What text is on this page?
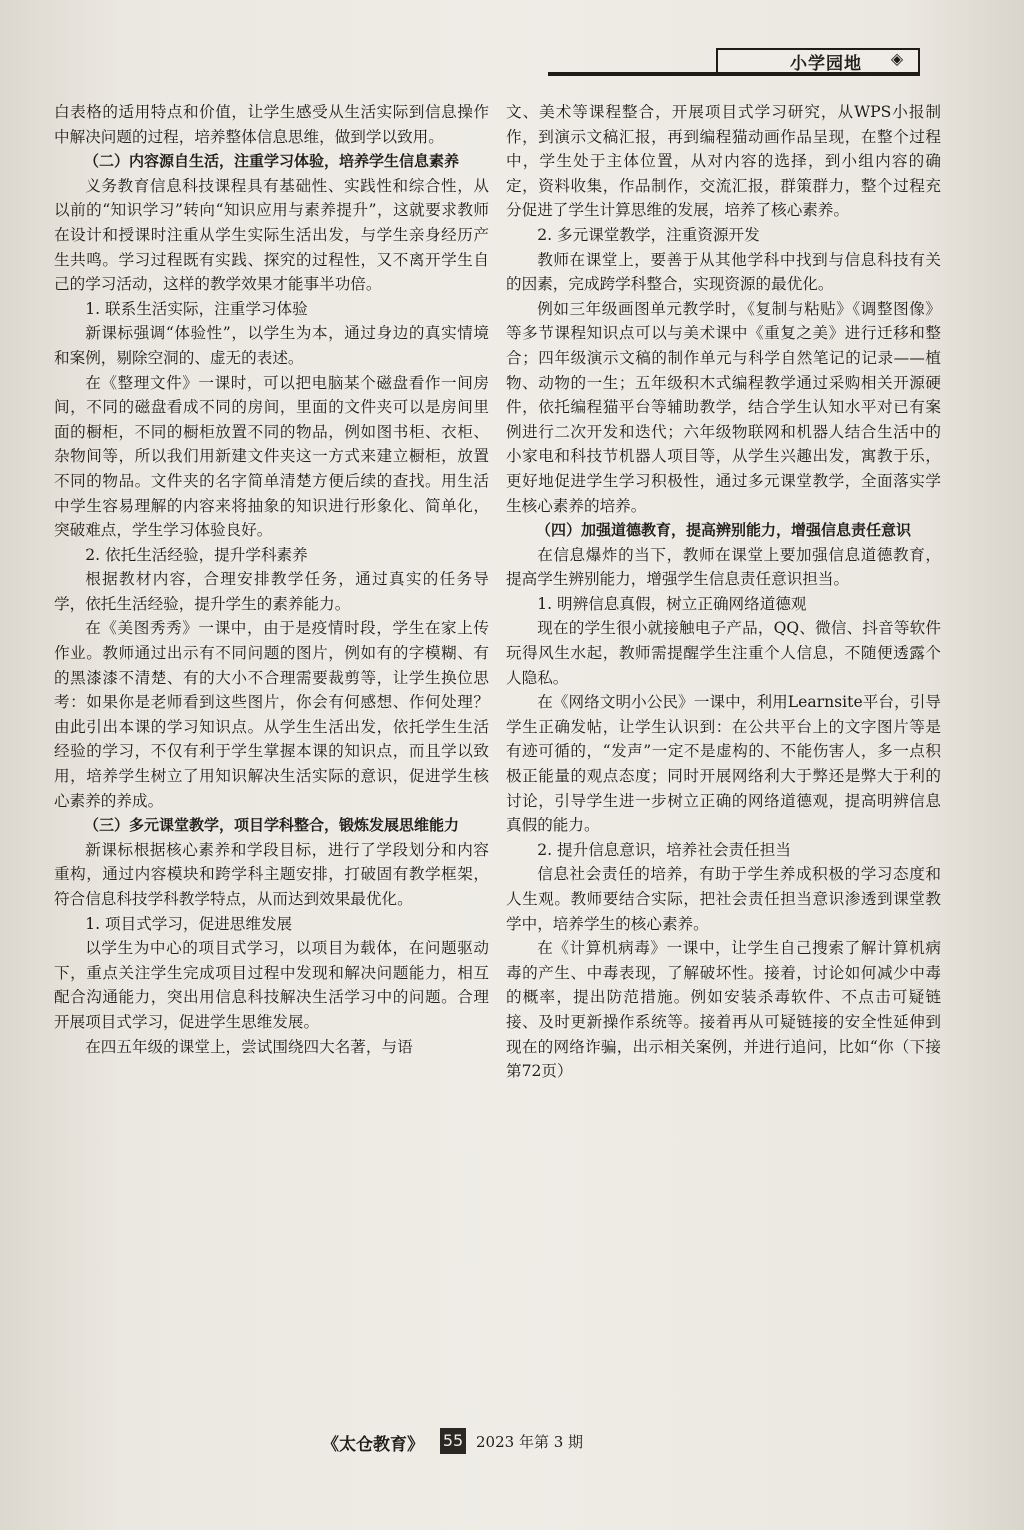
小学园地 ◈

白表格的适用特点和价值，让学生感受从生活实际到信息操作中解决问题的过程，培养整体信息思维，做到学以致用。

（二）内容源自生活，注重学习体验，培养学生信息素养

义务教育信息科技课程具有基础性、实践性和综合性，从以前的“知识学习”转向“知识应用与素养提升”，这就要求教师在设计和授课时注重从学生实际生活出发，与学生亲身经历产生共鸣。学习过程既有实践、探究的过程性，又不离开学生自己的学习活动，这样的教学效果才能事半功倍。

1. 联系生活实际，注重学习体验

新课标强调“体验性”，以学生为本，通过身边的真实情境和案例，剔除空洞的、虚无的表述。

在《整理文件》一课时，可以把电脑某个磁盘看作一间房间，不同的磁盘看成不同的房间，里面的文件夹可以是房间里面的橱柜，不同的橱柜放置不同的物品，例如图书柜、衣柜、杂物间等，所以我们用新建文件夹这一方式来建立橱柜，放置不同的物品。文件夹的名字简单清楚方便后续的查找。用生活中学生容易理解的内容来将抽象的知识进行形象化、简单化，突破难点，学生学习体验良好。

2. 依托生活经验，提升学科素养

根据教材内容，合理安排教学任务，通过真实的任务导学，依托生活经验，提升学生的素养能力。

在《美图秀秀》一课中，由于是疫情时段，学生在家上传作业。教师通过出示有不同问题的图片，例如有的字模糊、有的黑漆漆不清楚、有的大小不合理需要裁剪等，让学生换位思考：如果你是老师看到这些图片，你会有何感想、作何处理？由此引出本课的学习知识点。从学生生活出发，依托学生生活经验的学习，不仅有利于学生掌握本课的知识点，而且学以致用，培养学生树立了用知识解决生活实际的意识，促进学生核心素养的养成。

（三）多元课堂教学，项目学科整合，锻炼发展思维能力

新课标根据核心素养和学段目标，进行了学段划分和内容重构，通过内容模块和跨学科主题安排，打破固有教学框架，符合信息科技学科教学特点，从而达到效果最优化。

1. 项目式学习，促进思维发展

以学生为中心的项目式学习，以项目为载体，在问题驱动下，重点关注学生完成项目过程中发现和解决问题能力，相互配合沟通能力，突出用信息科技解决生活学习中的问题。合理开展项目式学习，促进学生思维发展。

在四五年级的课堂上，尝试围绕四大名著，与语

文、美术等课程整合，开展项目式学习研究，从WPS小报制作，到演示文稿汇报，再到编程猫动画作品呈现，在整个过程中，学生处于主体位置，从对内容的选择，到小组内容的确定，资料收集，作品制作，交流汇报，群策群力，整个过程充分促进了学生计算思维的发展，培养了核心素养。

2. 多元课堂教学，注重资源开发

教师在课堂上，要善于从其他学科中找到与信息科技有关的因素，完成跨学科整合，实现资源的最优化。

例如三年级画图单元教学时，《复制与粘贴》《调整图像》等多节课程知识点可以与美术课中《重复之美》进行迁移和整合；四年级演示文稿的制作单元与科学自然笔记的记录——植物、动物的一生；五年级积木式编程教学通过采购相关开源硬件，依托编程猫平台等辅助教学，结合学生认知水平对已有案例进行二次开发和迭代；六年级物联网和机器人结合生活中的小家电和科技节机器人项目等，从学生兴趣出发，寓教于乐，更好地促进学生学习积极性，通过多元课堂教学，全面落实学生核心素养的培养。

（四）加强道德教育，提高辨别能力，增强信息责任意识

在信息爆炸的当下，教师在课堂上要加强信息道德教育，提高学生辨别能力，增强学生信息责任意识担当。

1. 明辨信息真假，树立正确网络道德观

现在的学生很小就接触电子产品，QQ、微信、抖音等软件玩得风生水起，教师需提醒学生注重个人信息，不随便透露个人隐私。

在《网络文明小公民》一课中，利用Learnsite平台，引导学生正确发帖，让学生认识到：在公共平台上的文字图片等是有迹可循的，“发声”一定不是虚构的、不能伤害人，多一点积极正能量的观点态度；同时开展网络利大于弊还是弊大于利的讨论，引导学生进一步树立正确的网络道德观，提高明辨信息真假的能力。

2. 提升信息意识，培养社会责任担当

信息社会责任的培养，有助于学生养成积极的学习态度和人生观。教师要结合实际，把社会责任担当意识渗透到课堂教学中，培养学生的核心素养。

在《计算机病毒》一课中，让学生自己搜索了解计算机病毒的产生、中毒表现，了解破坏性。接着，讨论如何减少中毒的概率，提出防范措施。例如安装杀毒软件、不点击可疑链接、及时更新操作系统等。接着再从可疑链接的安全性延伸到现在的网络诈骗，出示相关案例，并进行追问，比如“你（下接第72页）

《太仓教育》 55 2023 年第 3 期
